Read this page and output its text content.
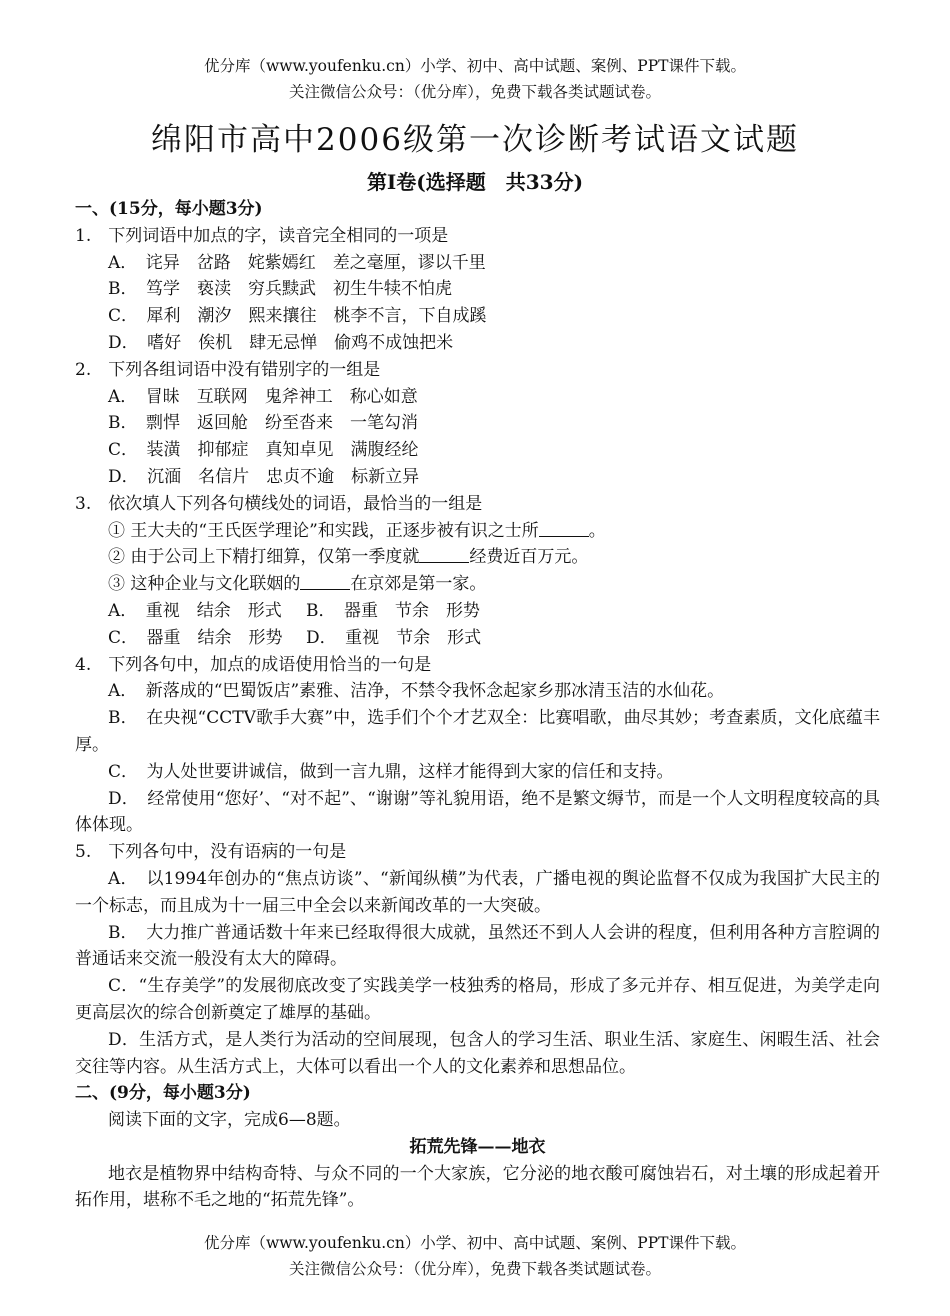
优分库（www.youfenku.cn）小学、初中、高中试题、案例、PPT课件下载。
关注微信公众号：（优分库），免费下载各类试题试卷。
绵阳市高中2006级第一次诊断考试语文试题
第Ⅰ卷(选择题　共33分)

一、(15分，每小题3分)

1.　下列词语中加点的字，读音完全相同的一项是

A．　诧异　岔路　姹紫嫣红　差之毫厘，谬以千里

B．　笃学　亵渎　穷兵黩武　初生牛犊不怕虎

C．　犀利　潮汐　熙来攘往　桃李不言，下自成蹊

D．　嗜好　俟机　肆无忌惮　偷鸡不成蚀把米

2.　下列各组词语中没有错别字的一组是

A．　冒昧　互联网　鬼斧神工　称心如意

B．　剽悍　返回舱　纷至沓来　一笔勾消

C．　装潢　抑郁症　真知卓见　满腹经纶

D．　沉湎　名信片　忠贞不逾　标新立异

3.　依次填人下列各句横线处的词语，最恰当的一组是

① 王大夫的“王氏医学理论”和实践，正逐步被有识之士所	。

② 由于公司上下精打细算，仅第一季度就	经费近百万元。

③ 这种企业与文化联姻的	在京郊是第一家。

A．　重视　结余　形式 B．　器重　节余　形势

C．　器重　结余　形势 D．　重视　节余　形式

4.　下列各句中，加点的成语使用恰当的一句是

A．　新落成的“巴蜀饭店”素雅、洁净，不禁令我怀念起家乡那冰清玉洁的水仙花。

B．　在央视“CCTV歌手大赛”中，选手们个个才艺双全：比赛唱歌，曲尽其妙；考查素质，文化底蕴丰厚。

C．　为人处世要讲诚信，做到一言九鼎，这样才能得到大家的信任和支持。

D．　经常使用“您好’、“对不起”、“谢谢”等礼貌用语，绝不是繁文缛节，而是一个人文明程度较高的具体体现。

5.　下列各句中，没有语病的一句是

A．　以1994年创办的“焦点访谈”、“新闻纵横”为代表，广播电视的舆论监督不仅成为我国扩大民主的一个标志，而且成为十一届三中全会以来新闻改革的一大突破。

B．　大力推广普通话数十年来已经取得很大成就，虽然还不到人人会讲的程度，但利用各种方言腔调的普通话来交流一般没有太大的障碍。

C．“生存美学”的发展彻底改变了实践美学一枝独秀的格局，形成了多元并存、相互促进，为美学走向更高层次的综合创新奠定了雄厚的基础。

D．生活方式，是人类行为活动的空间展现，包含人的学习生活、职业生活、家庭生、闲暇生活、社会交往等内容。从生活方式上，大体可以看出一个人的文化素养和思想品位。

二、(9分，每小题3分)

阅读下面的文字，完成6—8题。

拓荒先锋——地衣

地衣是植物界中结构奇特、与众不同的一个大家族，它分泌的地衣酸可腐蚀岩石，对土壤的形成起着开拓作用，堪称不毛之地的“拓荒先锋”。

优分库（www.youfenku.cn）小学、初中、高中试题、案例、PPT课件下载。
关注微信公众号：（优分库），免费下载各类试题试卷。
